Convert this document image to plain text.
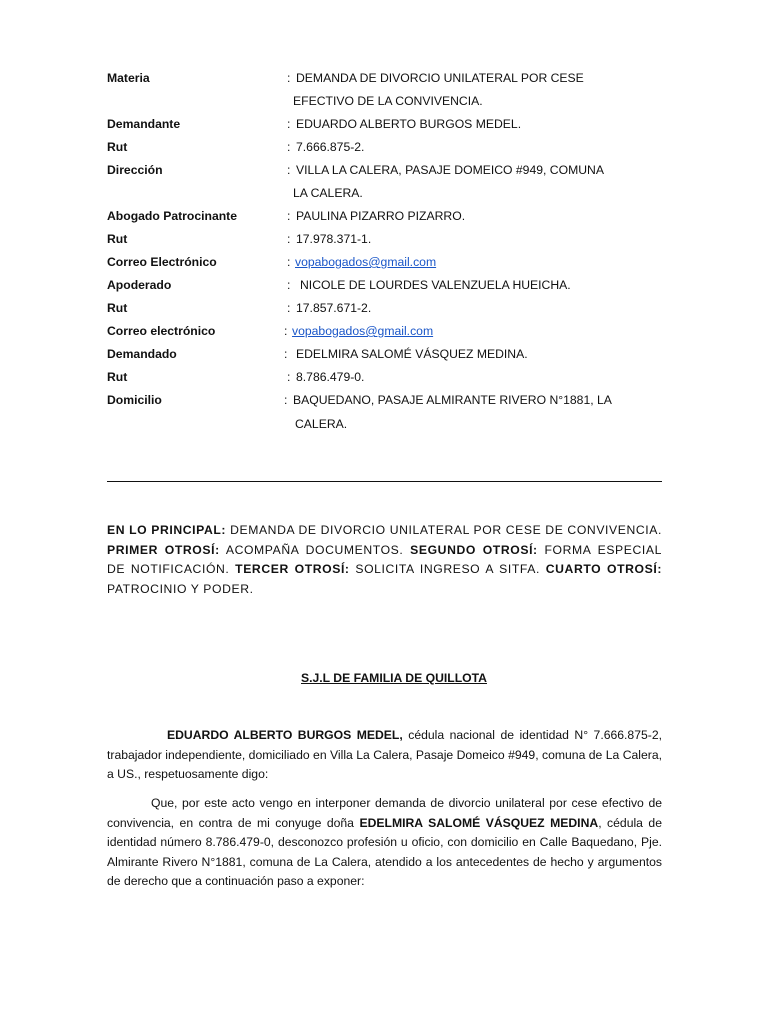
Materia	: DEMANDA DE DIVORCIO UNILATERAL POR CESE
EFECTIVO DE LA CONVIVENCIA.
Demandante	: EDUARDO ALBERTO BURGOS MEDEL.
Rut	: 7.666.875-2.
Dirección	: VILLA LA CALERA, PASAJE DOMEICO #949, COMUNA
LA CALERA.
Abogado Patrocinante	: PAULINA PIZARRO PIZARRO.
Rut	: 17.978.371-1.
Correo Electrónico	: vopabogados@gmail.com
Apoderado	: NICOLE DE LOURDES VALENZUELA HUEICHA.
Rut	: 17.857.671-2.
Correo electrónico	: vopabogados@gmail.com
Demandado	: EDELMIRA SALOMÉ VÁSQUEZ MEDINA.
Rut	: 8.786.479-0.
Domicilio	: BAQUEDANO, PASAJE ALMIRANTE RIVERO N°1881, LA
CALERA.
EN LO PRINCIPAL: DEMANDA DE DIVORCIO UNILATERAL POR CESE DE CONVIVENCIA. PRIMER OTROSÍ: ACOMPAÑA DOCUMENTOS. SEGUNDO OTROSÍ: FORMA ESPECIAL DE NOTIFICACIÓN. TERCER OTROSÍ: SOLICITA INGRESO A SITFA. CUARTO OTROSÍ: PATROCINIO Y PODER.
S.J.L DE FAMILIA DE QUILLOTA
EDUARDO ALBERTO BURGOS MEDEL, cédula nacional de identidad N° 7.666.875-2, trabajador independiente, domiciliado en Villa La Calera, Pasaje Domeico #949, comuna de La Calera, a US., respetuosamente digo:
Que, por este acto vengo en interponer demanda de divorcio unilateral por cese efectivo de convivencia, en contra de mi conyuge doña EDELMIRA SALOMÉ VÁSQUEZ MEDINA, cédula de identidad número 8.786.479-0, desconozco profesión u oficio, con domicilio en Calle Baquedano, Pje. Almirante Rivero N°1881, comuna de La Calera, atendido a los antecedentes de hecho y argumentos de derecho que a continuación paso a exponer:
